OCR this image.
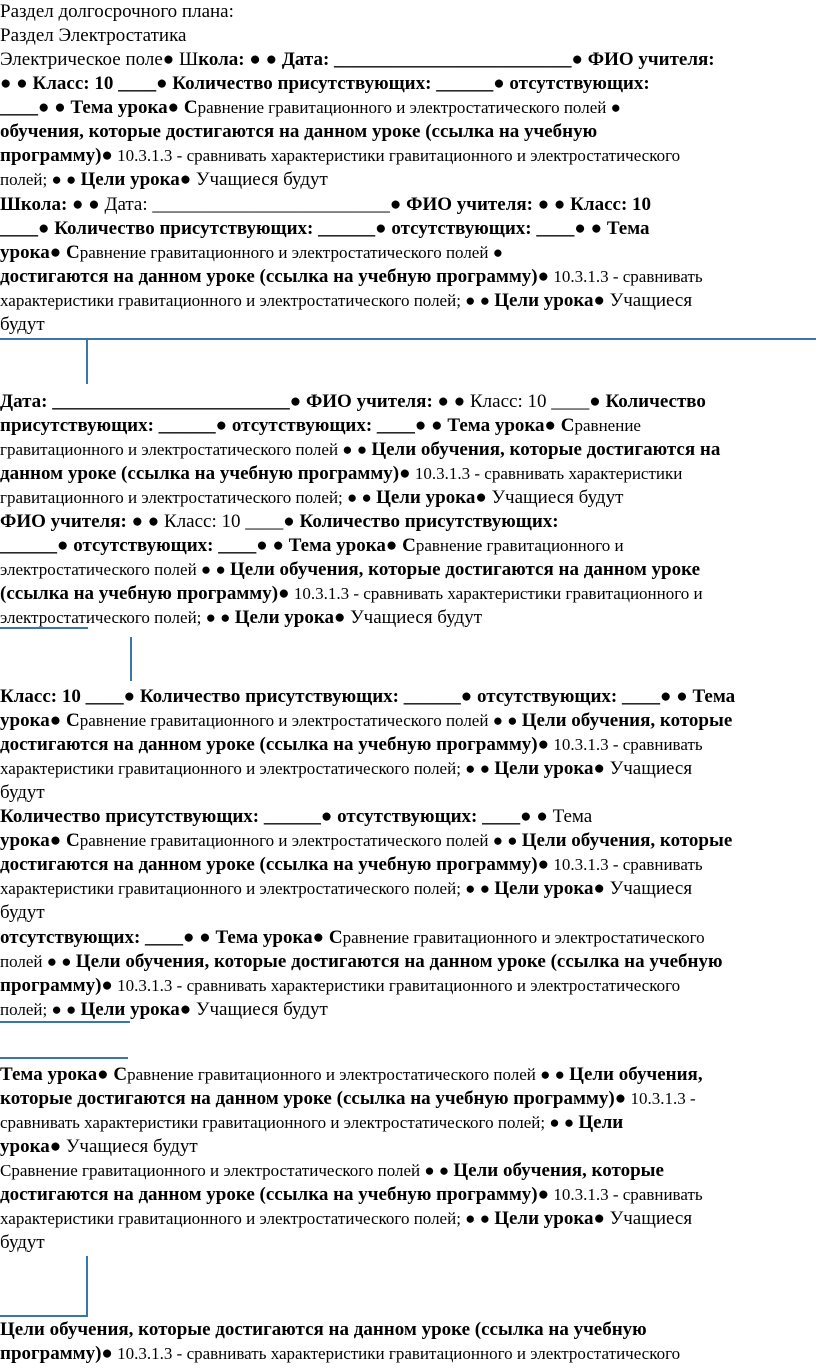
Раздел долгосрочного плана:

Раздел Электростатика

Электрическое поле● Школа: ● ● Дата: _________________________● ФИО учителя:

● ● Класс: 10 ____● Количество присутствующих: ______● отсутствующих:

____● ● Тема урока● Сравнение гравитационного и электростатического полей ●

обучения, которые достигаются на данном уроке (ссылка на учебную

программу)● 10.3.1.3 - сравнивать характеристики гравитационного и электростатического

полей; ● ● Цели урока● Учащиеся будут

Школа: ● ● Дата: _________________________● ФИО учителя: ● ● Класс: 10

____● Количество присутствующих: ______● отсутствующих: ____● ● Тема

урока● Сравнение гравитационного и электростатического полей ●

достигаются на данном уроке (ссылка на учебную программу)● 10.3.1.3 - сравнивать

характеристики гравитационного и электростатического полей; ● ● Цели урока● Учащиеся

будут

Дата: _________________________● ФИО учителя: ● ● Класс: 10 ____● Количество

присутствующих: ______● отсутствующих: ____● ● Тема урока● Сравнение

гравитационного и электростатического полей ● ● Цели обучения, которые достигаются на

данном уроке (ссылка на учебную программу)● 10.3.1.3 - сравнивать характеристики

гравитационного и электростатического полей; ● ● Цели урока● Учащиеся будут

ФИО учителя: ● ● Класс: 10 ____● Количество присутствующих:

______● отсутствующих: ____● ● Тема урока● Сравнение гравитационного и

электростатического полей ● ● Цели обучения, которые достигаются на данном уроке

(ссылка на учебную программу)● 10.3.1.3 - сравнивать характеристики гравитационного и

электростатического полей; ● ● Цели урока● Учащиеся будут

Класс: 10 ____● Количество присутствующих: ______● отсутствующих: ____● ● Тема

урока● Сравнение гравитационного и электростатического полей ● ● Цели обучения, которые

достигаются на данном уроке (ссылка на учебную программу)● 10.3.1.3 - сравнивать

характеристики гравитационного и электростатического полей; ● ● Цели урока● Учащиеся

будут

Количество присутствующих: ______● отсутствующих: ____● ● Тема

урока● Сравнение гравитационного и электростатического полей ● ● Цели обучения, которые

достигаются на данном уроке (ссылка на учебную программу)● 10.3.1.3 - сравнивать

характеристики гравитационного и электростатического полей; ● ● Цели урока● Учащиеся

будут

отсутствующих: ____● ● Тема урока● Сравнение гравитационного и электростатического

полей ● ● Цели обучения, которые достигаются на данном уроке (ссылка на учебную

программу)● 10.3.1.3 - сравнивать характеристики гравитационного и электростатического

полей; ● ● Цели урока● Учащиеся будут

Тема урока● Сравнение гравитационного и электростатического полей ● ● Цели обучения,

которые достигаются на данном уроке (ссылка на учебную программу)● 10.3.1.3 -

сравнивать характеристики гравитационного и электростатического полей; ● ● Цели

урока● Учащиеся будут

Сравнение гравитационного и электростатического полей ● ● Цели обучения, которые

достигаются на данном уроке (ссылка на учебную программу)● 10.3.1.3 - сравнивать

характеристики гравитационного и электростатического полей; ● ● Цели урока● Учащиеся

будут

Цели обучения, которые достигаются на данном уроке (ссылка на учебную

программу)● 10.3.1.3 - сравнивать характеристики гравитационного и электростатического
